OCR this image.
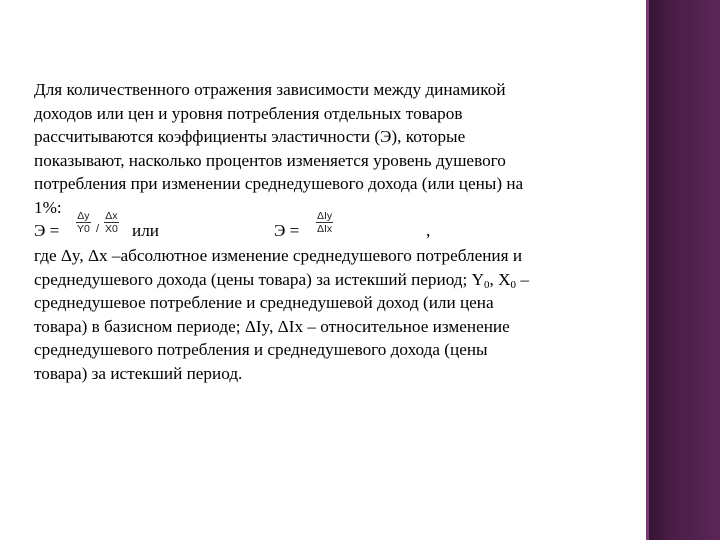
Для количественного отражения зависимости между динамикой
доходов или цен и уровня потребления отдельных товаров
рассчитываются коэффициенты эластичности (Э), которые
показывают, насколько процентов изменяется уровень душевого
потребления при изменении среднедушевого дохода (или цены) на
1%:
Э =
Δy
Y0 /
Δx
X0 или	Э =
ΔIy
ΔIx	,
где Δy, Δx –абсолютное изменение среднедушевого потребления и
среднедушевого дохода (цены товара) за истекший период; $Y_0$, $X_0$ –
среднедушевое потребление и среднедушевой доход (или цена
товара) в базисном периоде; ΔIy, ΔIx – относительное изменение
среднедушевого потребления и среднедушевого дохода (цены
товара) за истекший период.
